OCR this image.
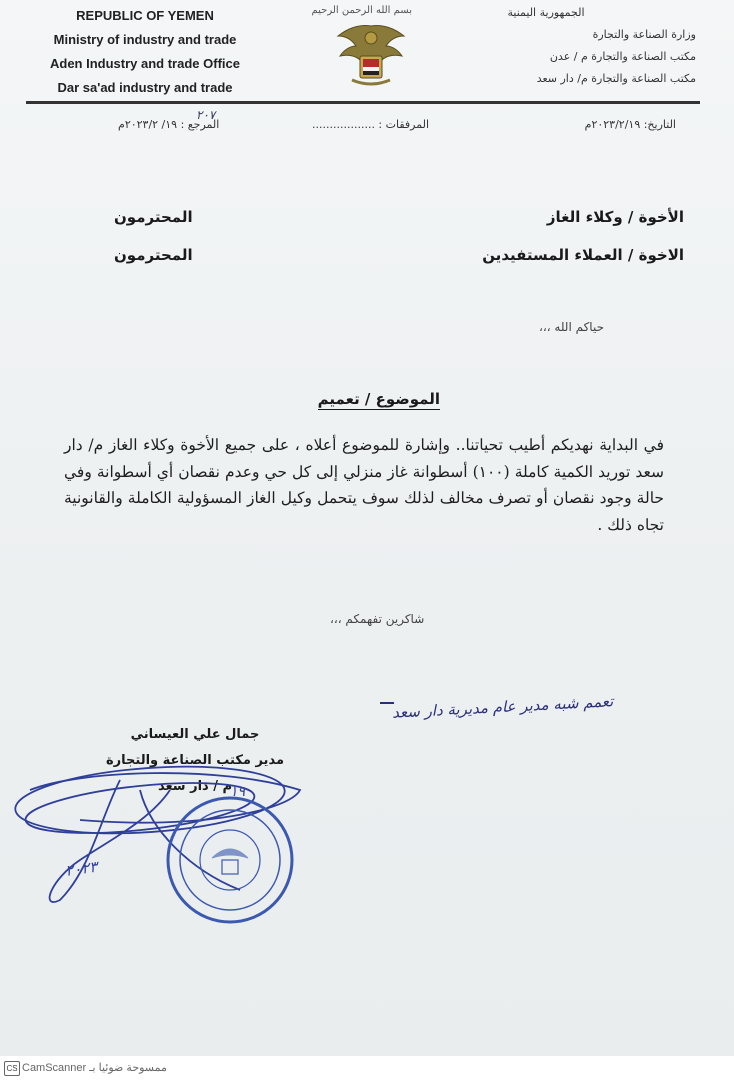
REPUBLIC OF YEMEN
Ministry of industry and trade
Aden Industry and trade Office
Dar sa'ad industry and trade
بسم الله الرحمن الرحيم	الجمهورية اليمنية
وزارة الصناعة والتجارة
مكتب الصناعة والتجارة م / عدن
مكتب الصناعة والتجارة م/ دار سعد
التاريخ: ٢٠٢٣/٢/١٩م
المرفقات : ..................
المرجع : ١٩/ ٢٠٢٣/٢م
٢٠٧
الأخوة / وكلاء الغاز
المحترمون
الاخوة / العملاء المستفيدين
المحترمون
حياكم الله ،،،
الموضوع / تعميم
في البداية نهديكم أطيب تحياتنا.. وإشارة للموضوع أعلاه ، على جميع الأخوة وكلاء الغاز م/ دار سعد توريد الكمية كاملة (١٠٠) أسطوانة غاز منزلي إلى كل حي وعدم نقصان أي أسطوانة وفي حالة وجود نقصان أو تصرف مخالف لذلك سوف يتحمل وكيل الغاز المسؤولية الكاملة والقانونية تجاه ذلك .
شاكرين تفهمكم ،،،
تعمم شبه مدير عام مديرية دار سعد
جمال علي العيساني
مدير مكتب الصناعة والتجارة
م / دار سعد
١٩
٢٠٢٣
CS CamScanner ممسوحة ضوئيا بـ
